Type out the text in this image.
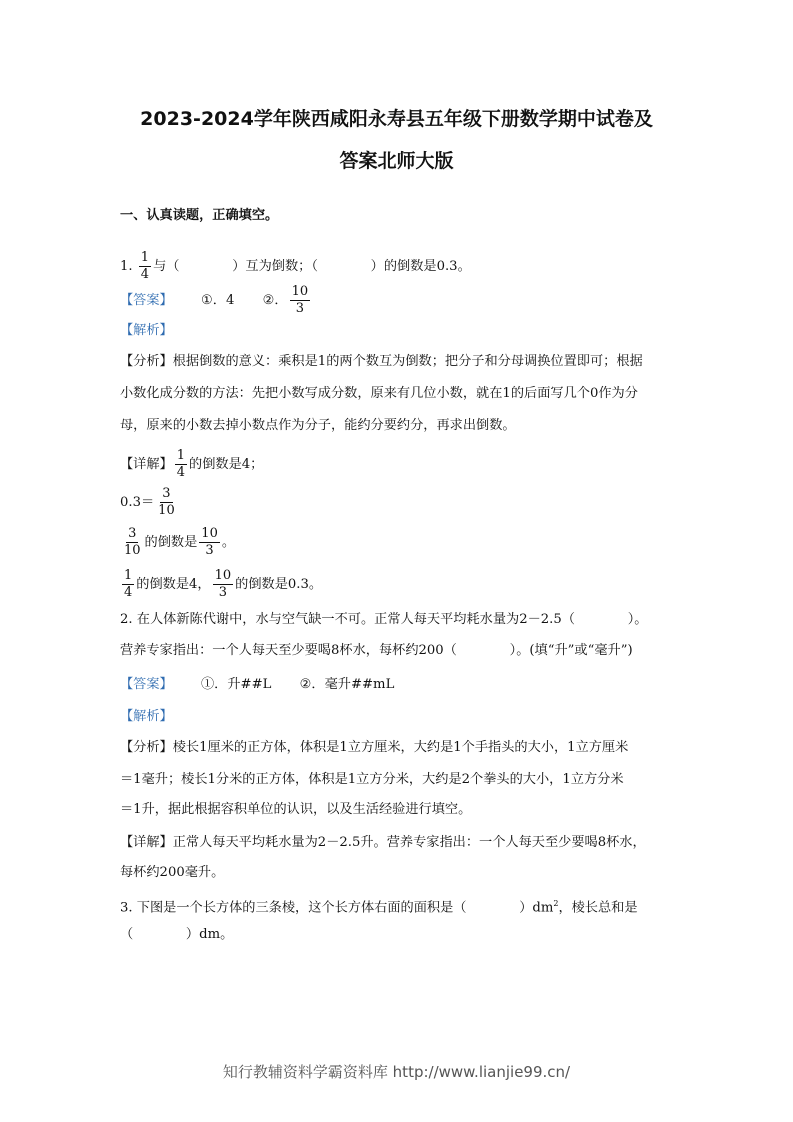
2023-2024学年陕西咸阳永寿县五年级下册数学期中试卷及
答案北师大版
一、认真读题，正确填空。
1. $\frac{1}{4}$ 与（　　　　）互为倒数；（　　　　）的倒数是0.3。
【答案】 ①．4 ②． $\frac{10}{3}$
【解析】
【分析】根据倒数的意义：乘积是1的两个数互为倒数；把分子和分母调换位置即可；根据
小数化成分数的方法：先把小数写成分数，原来有几位小数，就在1的后面写几个0作为分
母，原来的小数去掉小数点作为分子，能约分要约分，再求出倒数。
【详解】 $\frac{1}{4}$ 的倒数是4；
$0.3= \frac{3}{10}$
$\frac{3}{10}$ 的倒数是 $\frac{10}{3}$ 。
$\frac{1}{4}$ 的倒数是4， $\frac{10}{3}$ 的倒数是0.3。
2. 在人体新陈代谢中，水与空气缺一不可。正常人每天平均耗水量为2－2.5（　　　　）。
营养专家指出：一个人每天至少要喝8杯水，每杯约200（　　　　）。(填“升”或“毫升”)
【答案】 ①．升##L ②．毫升##mL
【解析】
【分析】棱长1厘米的正方体，体积是1立方厘米，大约是1个手指头的大小，1立方厘米
＝1毫升；棱长1分米的正方体，体积是1立方分米，大约是2个拳头的大小，1立方分米
＝1升，据此根据容积单位的认识，以及生活经验进行填空。
【详解】正常人每天平均耗水量为2－2.5升。营养专家指出：一个人每天至少要喝8杯水，
每杯约200毫升。
3. 下图是一个长方体的三条棱，这个长方体右面的面积是（　　　　）$dm^2$，棱长总和是
（　　　　）dm。
知行教辅资料学霸资料库 http://www.lianjie99.cn/
